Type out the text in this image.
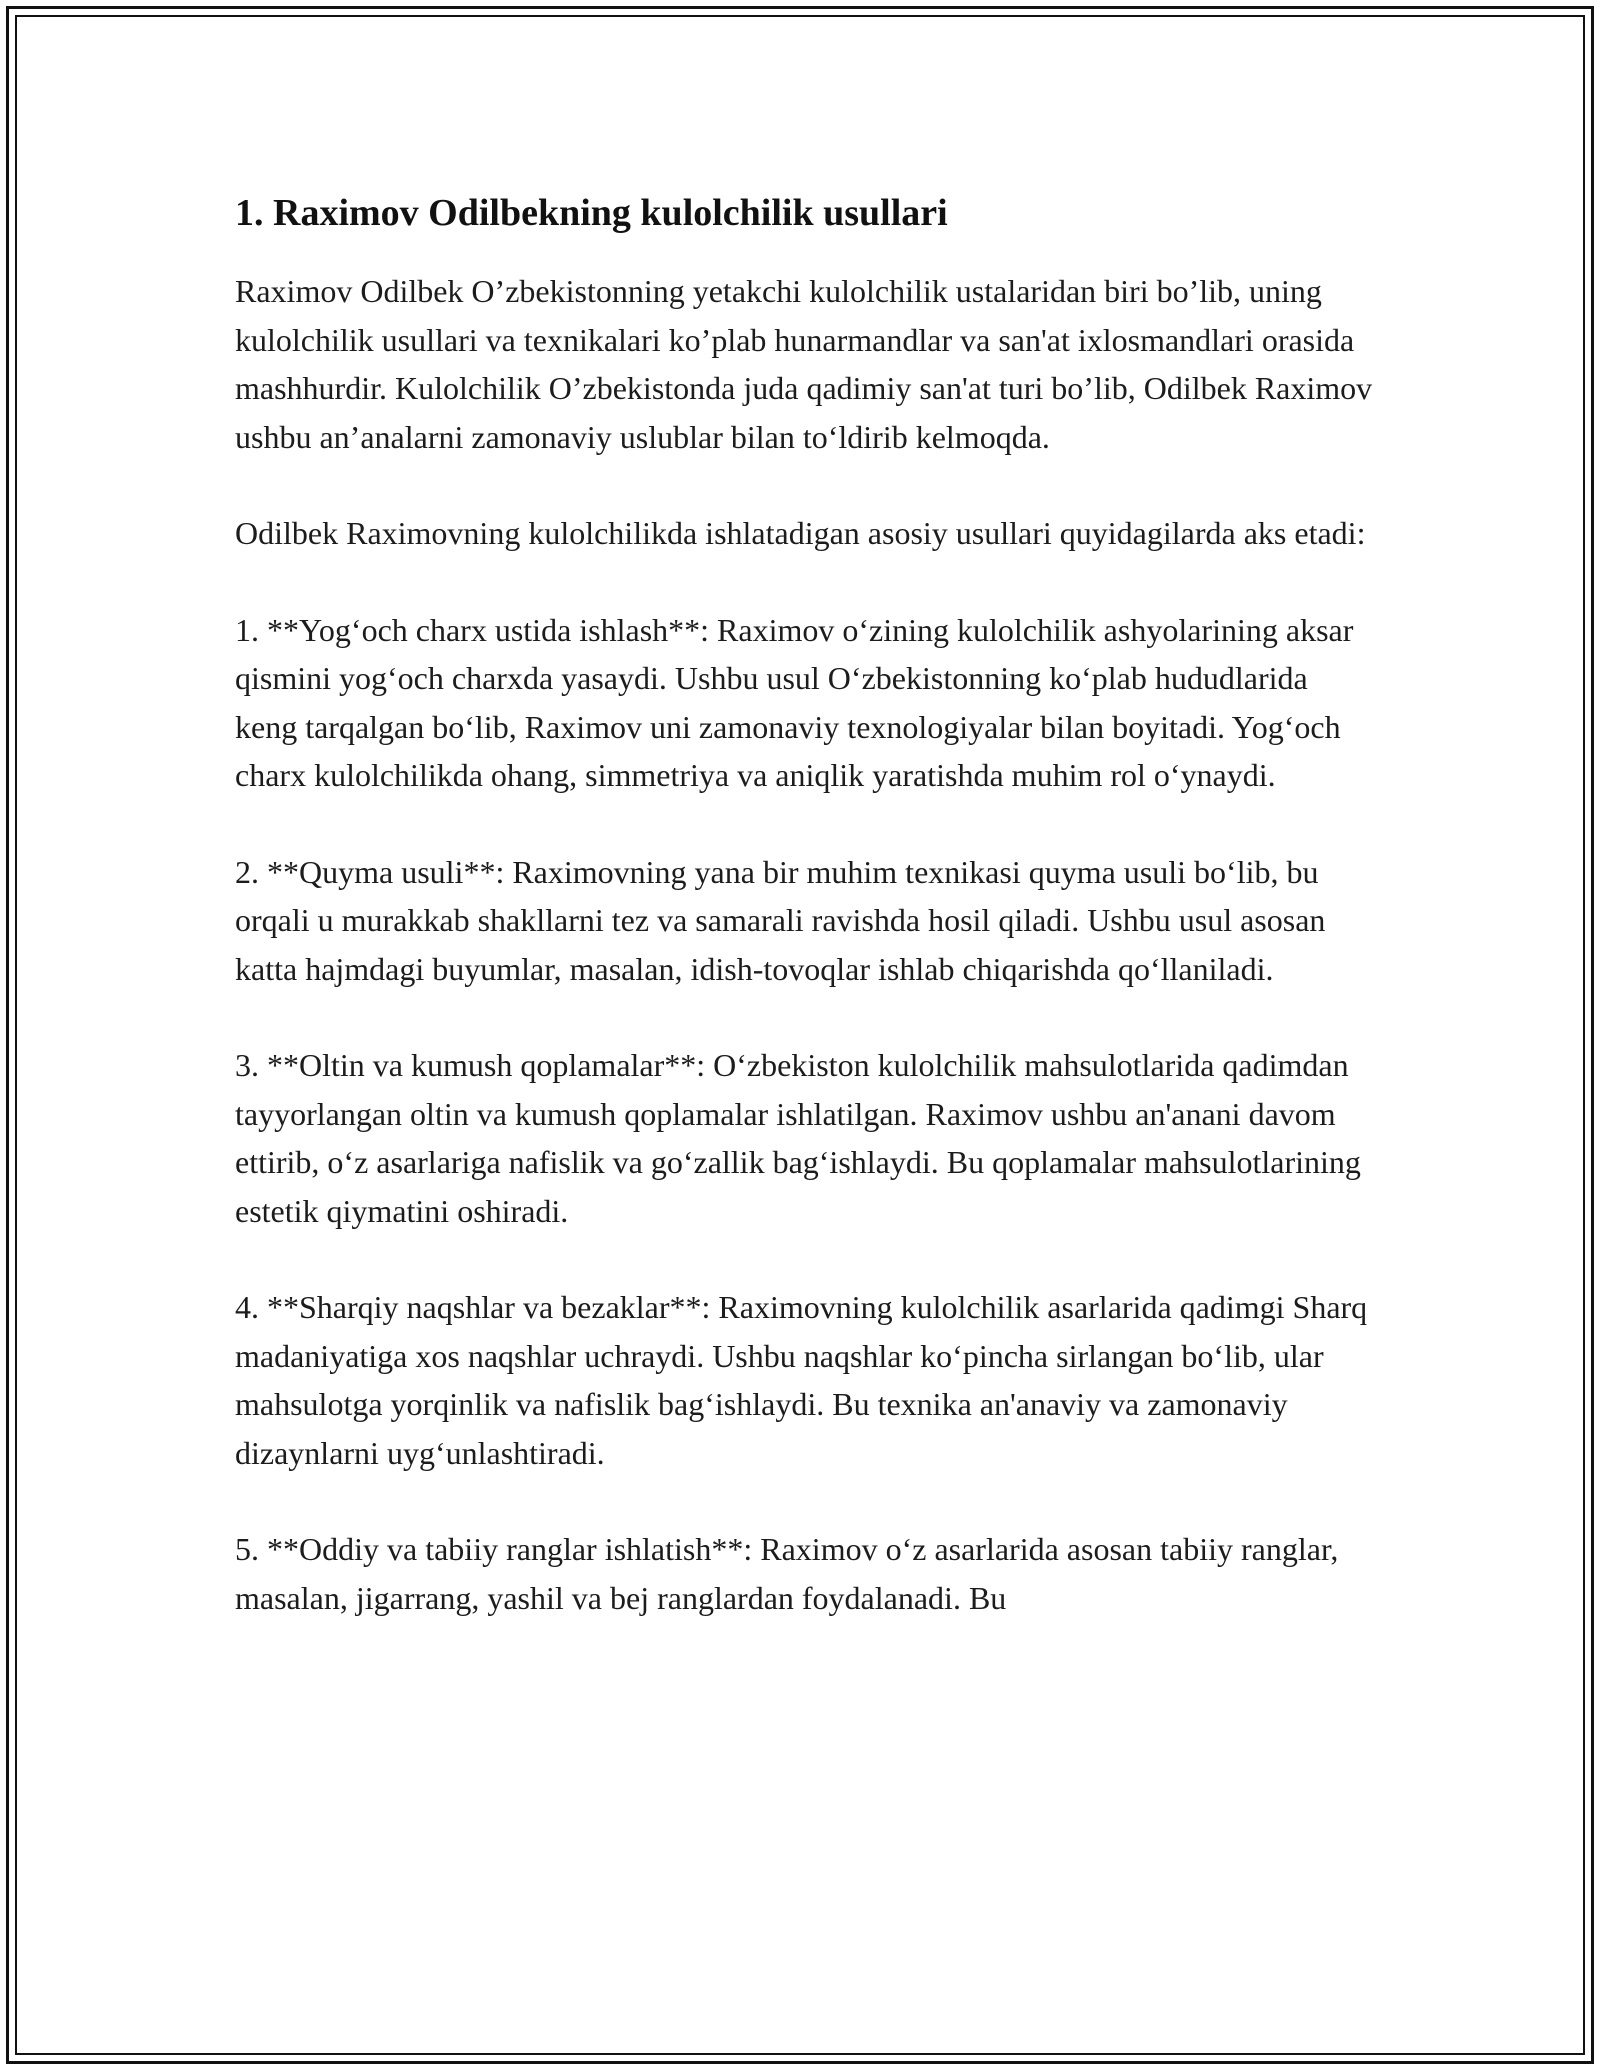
1. Raximov Odilbekning kulolchilik usullari

Raximov Odilbek O’zbekistonning yetakchi kulolchilik ustalaridan biri bo’lib, uning kulolchilik usullari va texnikalari ko’plab hunarmandlar va san'at ixlosmandlari orasida mashhurdir. Kulolchilik O’zbekistonda juda qadimiy san'at turi bo’lib, Odilbek Raximov ushbu an’analarni zamonaviy uslublar bilan to‘ldirib kelmoqda.

Odilbek Raximovning kulolchilikda ishlatadigan asosiy usullari quyidagilarda aks etadi:

1. **Yog‘och charx ustida ishlash**: Raximov o‘zining kulolchilik ashyolarining aksar qismini yog‘och charxda yasaydi. Ushbu usul O‘zbekistonning ko‘plab hududlarida keng tarqalgan bo‘lib, Raximov uni zamonaviy texnologiyalar bilan boyitadi. Yog‘och charx kulolchilikda ohang, simmetriya va aniqlik yaratishda muhim rol o‘ynaydi.

2. **Quyma usuli**: Raximovning yana bir muhim texnikasi quyma usuli bo‘lib, bu orqali u murakkab shakllarni tez va samarali ravishda hosil qiladi. Ushbu usul asosan katta hajmdagi buyumlar, masalan, idish-tovoqlar ishlab chiqarishda qo‘llaniladi.

3. **Oltin va kumush qoplamalar**: O‘zbekiston kulolchilik mahsulotlarida qadimdan tayyorlangan oltin va kumush qoplamalar ishlatilgan. Raximov ushbu an'anani davom ettirib, o‘z asarlariga nafislik va go‘zallik bag‘ishlaydi. Bu qoplamalar mahsulotlarining estetik qiymatini oshiradi.

4. **Sharqiy naqshlar va bezaklar**: Raximovning kulolchilik asarlarida qadimgi Sharq madaniyatiga xos naqshlar uchraydi. Ushbu naqshlar ko‘pincha sirlangan bo‘lib, ular mahsulotga yorqinlik va nafislik bag‘ishlaydi. Bu texnika an'anaviy va zamonaviy dizaynlarni uyg‘unlashtiradi.

5. **Oddiy va tabiiy ranglar ishlatish**: Raximov o‘z asarlarida asosan tabiiy ranglar, masalan, jigarrang, yashil va bej ranglardan foydalanadi. Bu
